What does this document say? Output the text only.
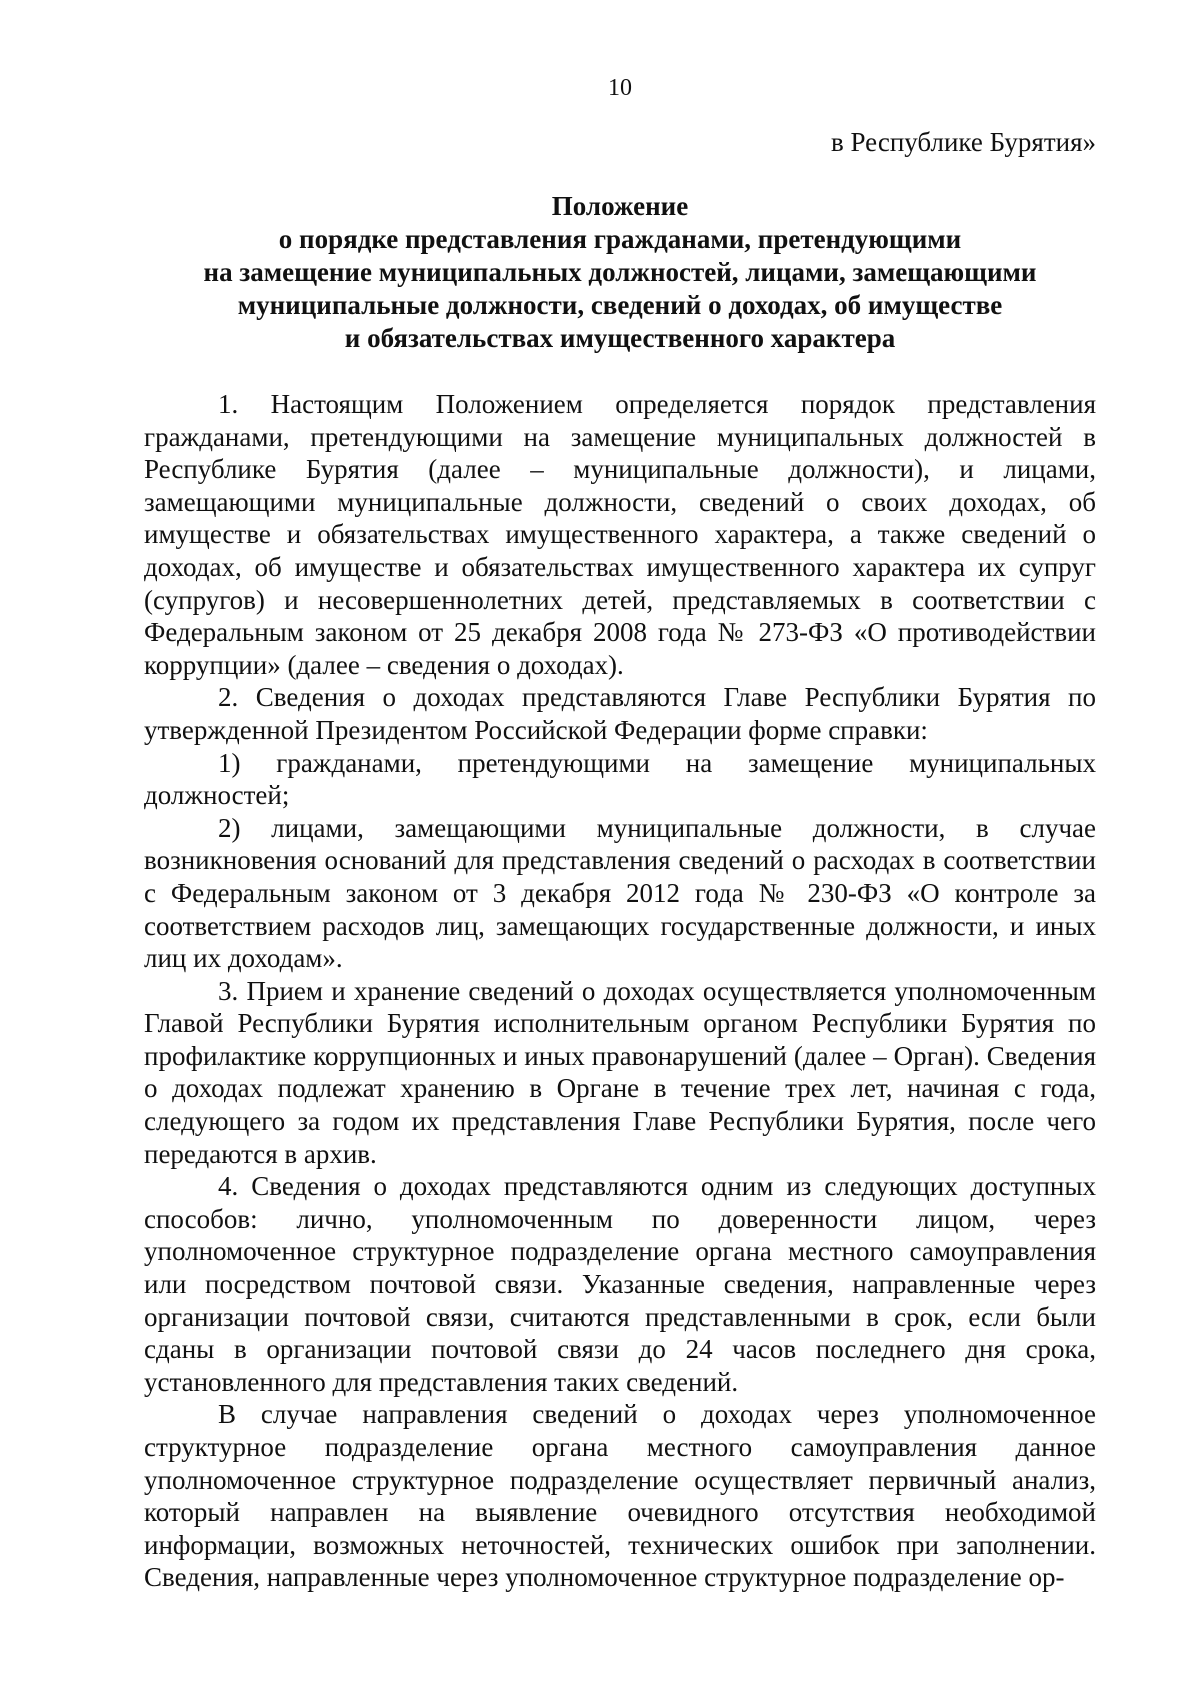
10
в Республике Бурятия»
Положение
о порядке представления гражданами, претендующими
на замещение муниципальных должностей, лицами, замещающими
муниципальные должности, сведений о доходах, об имуществе
и обязательствах имущественного характера

1. Настоящим Положением определяется порядок представления гражданами, претендующими на замещение муниципальных должностей в Республике Бурятия (далее – муниципальные должности), и лицами, замещающими муниципальные должности, сведений о своих доходах, об имуществе и обязательствах имущественного характера, а также сведений о доходах, об имуществе и обязательствах имущественного характера их супруг (супругов) и несовершеннолетних детей, представляемых в соответствии с Федеральным законом от 25 декабря 2008 года № 273-ФЗ «О противодействии коррупции» (далее – сведения о доходах).

2. Сведения о доходах представляются Главе Республики Бурятия по утвержденной Президентом Российской Федерации форме справки:

1) гражданами, претендующими на замещение муниципальных должностей;

2) лицами, замещающими муниципальные должности, в случае возникновения оснований для представления сведений о расходах в соответствии с Федеральным законом от 3 декабря 2012 года № 230-ФЗ «О контроле за соответствием расходов лиц, замещающих государственные должности, и иных лиц их доходам».

3. Прием и хранение сведений о доходах осуществляется уполномоченным Главой Республики Бурятия исполнительным органом Республики Бурятия по профилактике коррупционных и иных правонарушений (далее – Орган). Сведения о доходах подлежат хранению в Органе в течение трех лет, начиная с года, следующего за годом их представления Главе Республики Бурятия, после чего передаются в архив.

4. Сведения о доходах представляются одним из следующих доступных способов: лично, уполномоченным по доверенности лицом, через уполномоченное структурное подразделение органа местного самоуправления или посредством почтовой связи. Указанные сведения, направленные через организации почтовой связи, считаются представленными в срок, если были сданы в организации почтовой связи до 24 часов последнего дня срока, установленного для представления таких сведений.

В случае направления сведений о доходах через уполномоченное структурное подразделение органа местного самоуправления данное уполномоченное структурное подразделение осуществляет первичный анализ, который направлен на выявление очевидного отсутствия необходимой информации, возможных неточностей, технических ошибок при заполнении. Сведения, направленные через уполномоченное структурное подразделение ор-
